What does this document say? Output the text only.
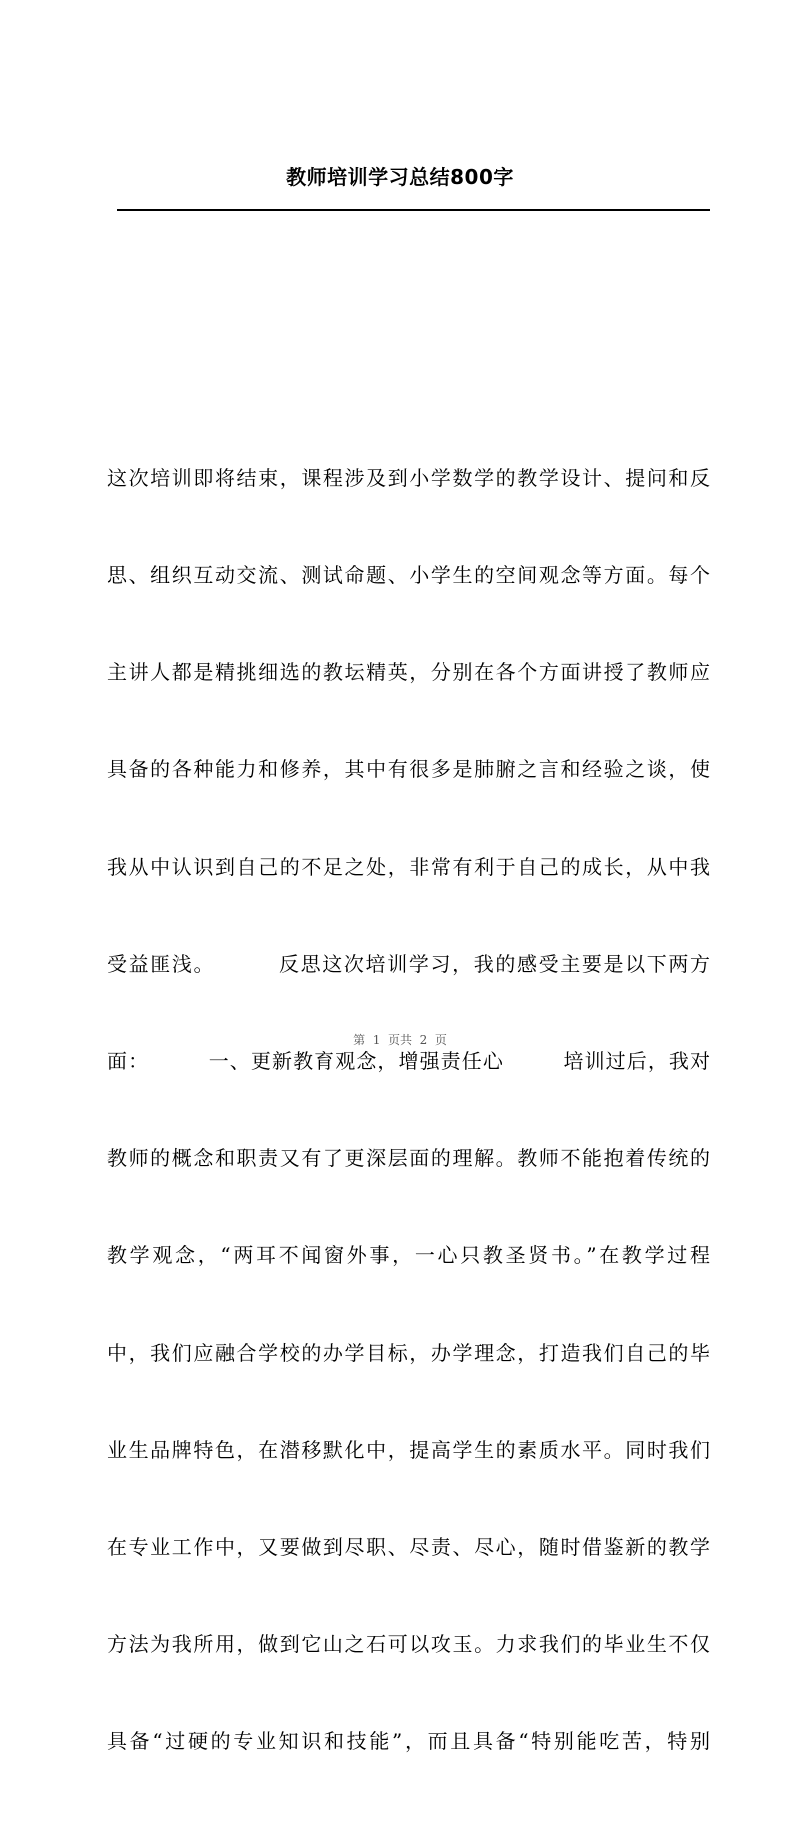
教师培训学习总结800字

这次培训即将结束，课程涉及到小学数学的教学设计、提问和反

思、组织互动交流、测试命题、小学生的空间观念等方面。每个

主讲人都是精挑细选的教坛精英，分别在各个方面讲授了教师应

具备的各种能力和修养，其中有很多是肺腑之言和经验之谈，使

我从中认识到自己的不足之处，非常有利于自己的成长，从中我

受益匪浅。        反思这次培训学习，我的感受主要是以下两方

面：        一、更新教育观念，增强责任心        培训过后，我对

教师的概念和职责又有了更深层面的理解。教师不能抱着传统的

教学观念，“两耳不闻窗外事，一心只教圣贤书。”在教学过程

中，我们应融合学校的办学目标，办学理念，打造我们自己的毕

业生品牌特色，在潜移默化中，提高学生的素质水平。同时我们

在专业工作中，又要做到尽职、尽责、尽心，随时借鉴新的教学

方法为我所用，做到它山之石可以攻玉。力求我们的毕业生不仅

具备“过硬的专业知识和技能”，而且具备“特别能吃苦，特别

第  1  页共  2  页
